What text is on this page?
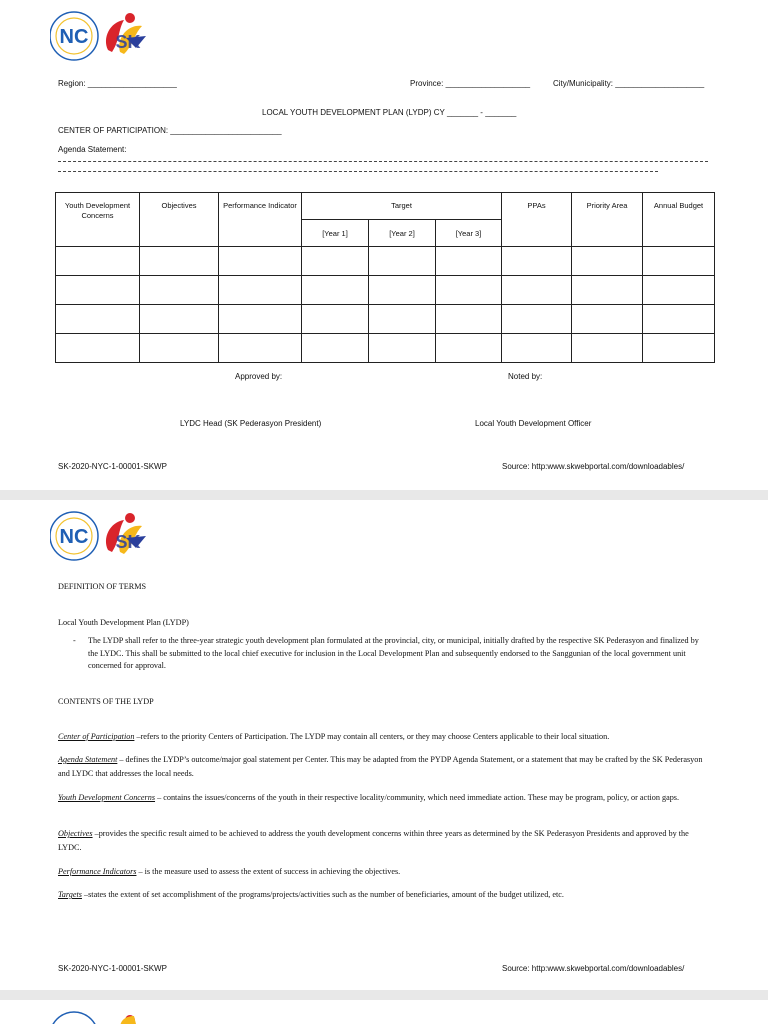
NC SK
Region: ____________________	Province: ___________________	City/Municipality: ____________________
LOCAL YOUTH DEVELOPMENT PLAN (LYDP) CY _______ - _______
CENTER OF PARTICIPATION: _________________________
Agenda Statement:
Youth Development Concerns	Objectives	Performance Indicator	Target			PPAs	Priority Area	Annual Budget
			[Year 1]	[Year 2]	[Year 3]			

Approved by:	Noted by:
LYDC Head (SK Pederasyon President)	Local Youth Development Officer
SK-2020-NYC-1-00001-SKWP	Source: http:www.skwebportal.com/downloadables/
NC SK
DEFINITION OF TERMS
Local Youth Development Plan (LYDP)
- The LYDP shall refer to the three-year strategic youth development plan formulated at the provincial, city, or municipal, initially drafted by the respective SK Pederasyon and finalized by the LYDC. This shall be submitted to the local chief executive for inclusion in the Local Development Plan and subsequently endorsed to the Sanggunian of the local government unit concerned for approval.
CONTENTS OF THE LYDP
Center of Participation –refers to the priority Centers of Participation. The LYDP may contain all centers, or they may choose Centers applicable to their local situation.
Agenda Statement – defines the LYDP’s outcome/major goal statement per Center. This may be adapted from the PYDP Agenda Statement, or a statement that may be crafted by the SK Pederasyon and LYDC that addresses the local needs.
Youth Development Concerns – contains the issues/concerns of the youth in their respective locality/community, which need immediate action. These may be program, policy, or action gaps.
Objectives –provides the specific result aimed to be achieved to address the youth development concerns within three years as determined by the SK Pederasyon Presidents and approved by the LYDC.
Performance Indicators – is the measure used to assess the extent of success in achieving the objectives.
Targets –states the extent of set accomplishment of the programs/projects/activities such as the number of beneficiaries, amount of the budget utilized, etc.
SK-2020-NYC-1-00001-SKWP	Source: http:www.skwebportal.com/downloadables/
